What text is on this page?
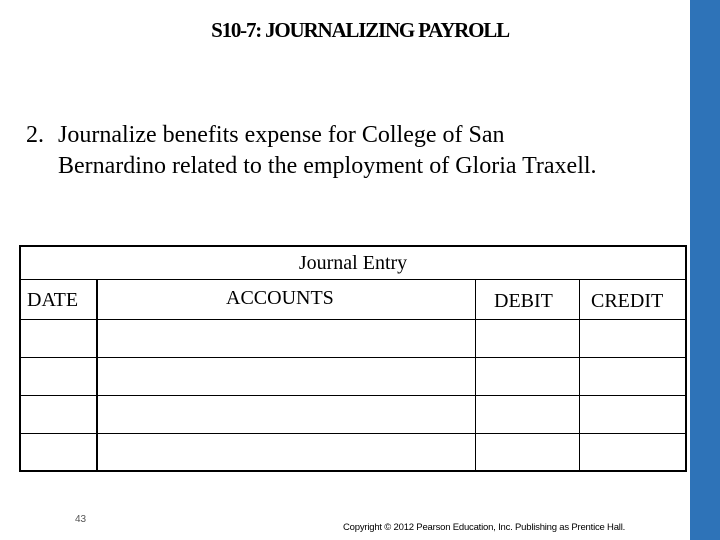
S10-7: JOURNALIZING PAYROLL
2. Journalize benefits expense for College of San
Bernardino related to the employment of Gloria Traxell.
Journal Entry
DATE	ACCOUNTS	DEBIT CREDIT
43
Copyright © 2012 Pearson Education, Inc. Publishing as Prentice Hall.
